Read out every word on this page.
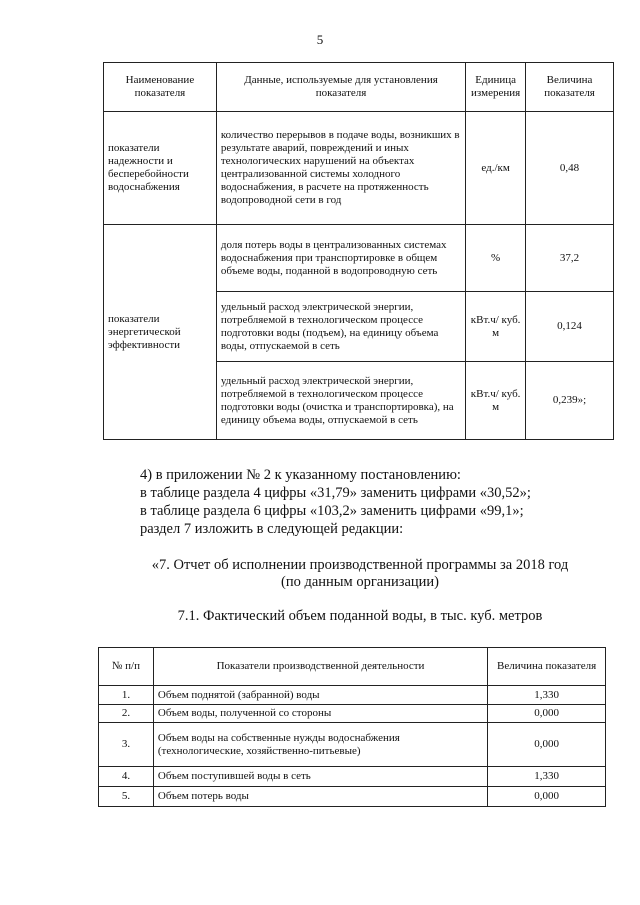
5
Наименование показателя	Данные, используемые для установления показателя	Единица измерения	Величина показателя
показатели надежности и бесперебойности водоснабжения	количество перерывов в подаче воды, возникших в результате аварий, повреждений и иных технологических нарушений на объектах централизованной системы холодного водоснабжения, в расчете на протяженность водопроводной сети в год	ед./км	0,48
показатели энергетической эффективности	доля потерь воды в централизованных системах водоснабжения при транспортировке в общем объеме воды, поданной в водопроводную сеть	%	37,2
	удельный расход электрической энергии, потребляемой в технологическом процессе подготовки воды (подъем), на единицу объема воды, отпускаемой в сеть	кВт.ч/ куб. м	0,124
	удельный расход электрической энергии, потребляемой в технологическом процессе подготовки воды (очистка и транспортировка), на единицу объема воды, отпускаемой в сеть	кВт.ч/ куб. м	0,239»;
4) в приложении № 2 к указанному постановлению:
в таблице раздела 4 цифры «31,79» заменить цифрами «30,52»;
в таблице раздела 6 цифры «103,2» заменить цифрами «99,1»;
раздел 7 изложить в следующей редакции:
«7. Отчет об исполнении производственной программы за 2018 год
(по данным организации)
7.1. Фактический объем поданной воды, в тыс. куб. метров
№ п/п	Показатели производственной деятельности	Величина показателя
1.	Объем поднятой (забранной) воды	1,330
2.	Объем воды, полученной со стороны	0,000
3.	Объем воды на собственные нужды водоснабжения (технологические, хозяйственно-питьевые)	0,000
4.	Объем поступившей воды в сеть	1,330
5.	Объем потерь воды	0,000
